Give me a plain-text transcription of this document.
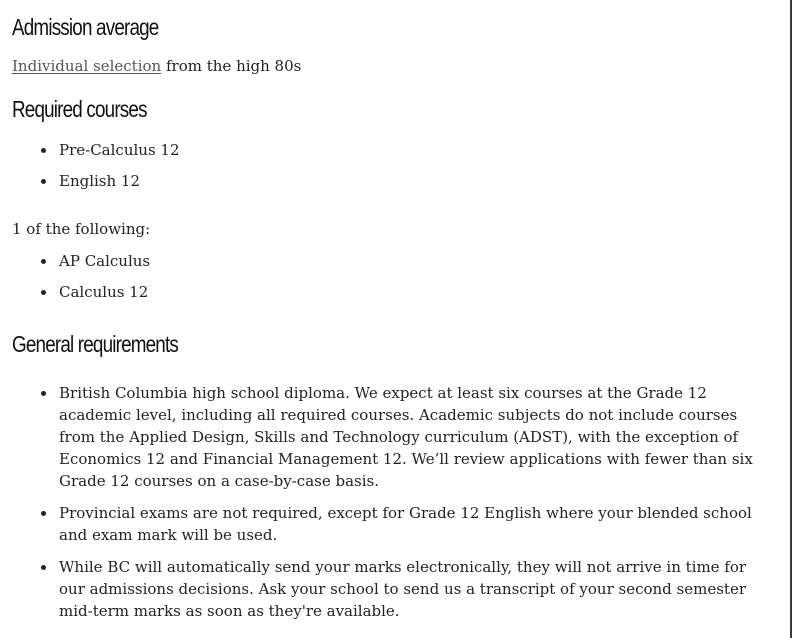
Admission average

Individual selection from the high 80s

Required courses
Pre-Calculus 12
English 12

1 of the following:

AP Calculus
Calculus 12
General requirements

British Columbia high school diploma. We expect at least six courses at the Grade 12 academic level, including all required courses. Academic subjects do not include courses from the Applied Design, Skills and Technology curriculum (ADST), with the exception of Economics 12 and Financial Management 12. We’ll review applications with fewer than six Grade 12 courses on a case-by-case basis.

Provincial exams are not required, except for Grade 12 English where your blended school and exam mark will be used.

While BC will automatically send your marks electronically, they will not arrive in time for our admissions decisions. Ask your school to send us a transcript of your second semester mid-term marks as soon as they're available.
